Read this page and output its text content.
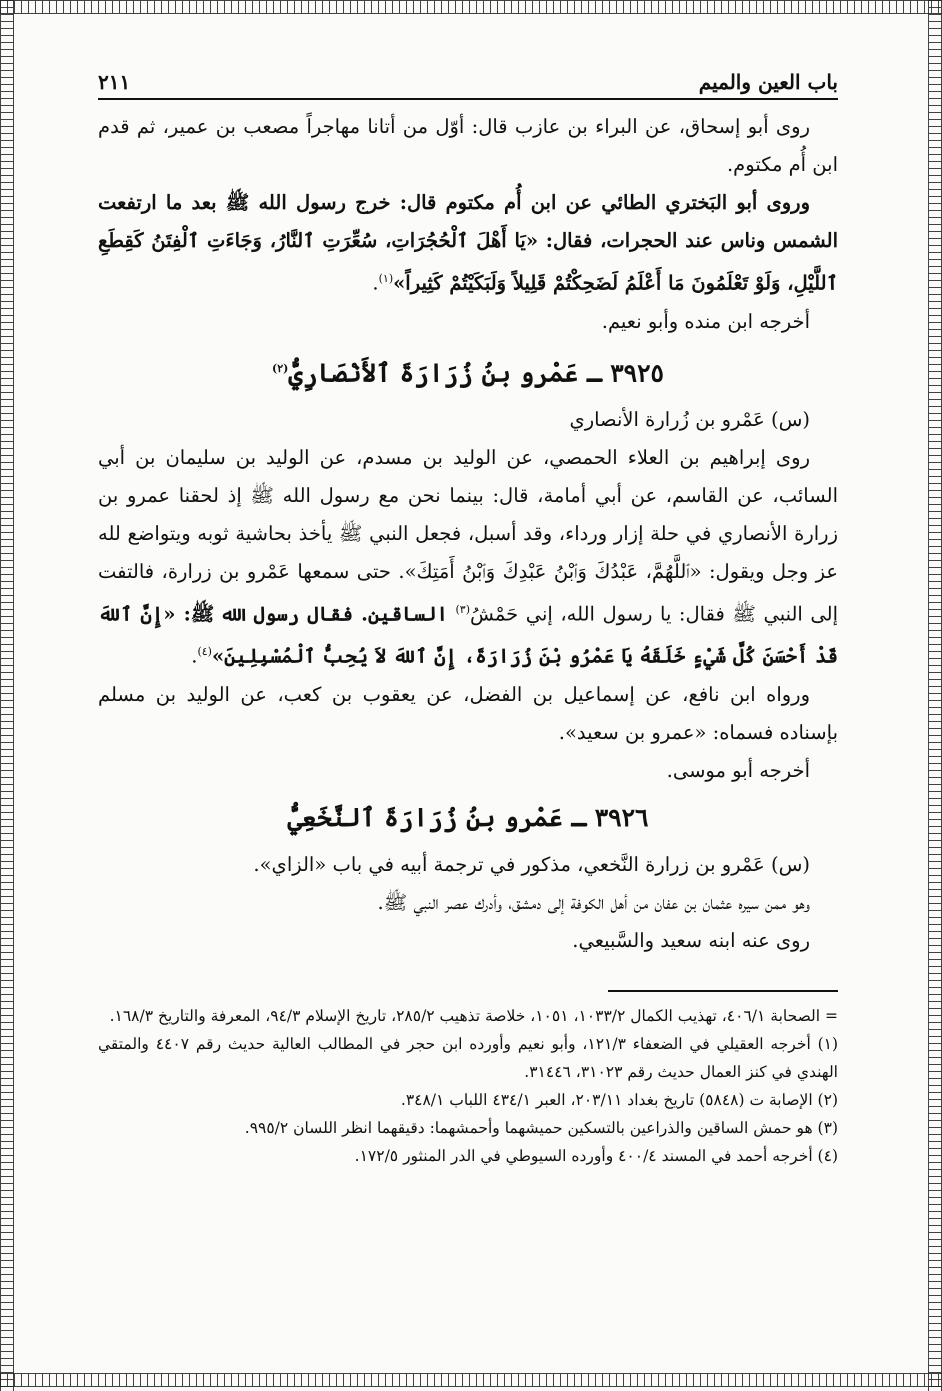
باب العين والميم
٢١١

روى أبو إسحاق، عن البراء بن عازب قال: أوّل من أتانا مهاجراً مصعب بن عمير، ثم قدم ابن أُم مكتوم.

وروى أبو البَختري الطائي عن ابن أُم مكتوم قال: خرج رسول الله ﷺ بعد ما ارتفعت الشمس وناس عند الحجرات، فقال: «يَا أَهْلَ ٱلْحُجُرَاتِ، سُعِّرَتِ ٱلنَّارُ، وَجَاءَتِ ٱلْفِتَنُ كَقِطَعِ ٱللَّيْلِ، وَلَوْ تَعْلَمُونَ مَا أَعْلَمُ لَضَحِكْتُمْ قَلِيلاً وَلَبَكَيْتُمْ كَثِيراً»$^{(١)}$.

أخرجه ابن منده وأبو نعيم.

٣٩٢٥ ـ عَمْرو بنُ زُرَارَةَ ٱلأَنْصَارِيُّ$^{(٢)}$

(س) عَمْرو بن زُرارة الأنصاري

روى إبراهيم بن العلاء الحمصي، عن الوليد بن مسدم، عن الوليد بن سليمان بن أبي السائب، عن القاسم، عن أبي أمامة، قال: بينما نحن مع رسول الله ﷺ إذ لحقنا عمرو بن زرارة الأنصاري في حلة إزار ورداء، وقد أسبل، فجعل النبي ﷺ يأخذ بحاشية ثوبه ويتواضع لله عز وجل ويقول: «ٱللَّهُمَّ، عَبْدُكَ وَٱبْنُ عَبْدِكَ وَٱبْنُ أَمَتِكَ». حتى سمعها عَمْرو بن زرارة، فالتفت إلى النبي ﷺ فقال: يا رسول الله، إني حَمْشُ$^{(٣)}$ الساقين. فقال رسول الله ﷺ: «إِنَّ ٱللهَ قَدْ أَحْسَنَ كُلَّ شَيْءٍ خَلَقَهُ يَا عَمْرُو بْنَ زُرَارَةَ، إِنَّ ٱللهَ لاَ يُحِبُّ ٱلْمُسْبِلِينَ»$^{(٤)}$.

ورواه ابن نافع، عن إسماعيل بن الفضل، عن يعقوب بن كعب، عن الوليد بن مسلم بإسناده فسماه: «عمرو بن سعيد».

أخرجه أبو موسى.

٣٩٢٦ ـ عَمْرو بنُ زُرَارَةَ ٱلنَّخَعِيُّ

(س) عَمْرو بن زرارة النَّخعي، مذكور في ترجمة أبيه في باب «الزاي».

وهو ممن سيره عثمان بن عفان من أهل الكوفة إلى دمشق، وأدرك عصر النبي ﷺ.

روى عنه ابنه سعيد والسَّبيعي.

= الصحابة ٤٠٦/١، تهذيب الكمال ١٠٣٣/٢، ١٠٥١، خلاصة تذهيب ٢٨٥/٢، تاريخ الإسلام ٩٤/٣، المعرفة والتاريخ ١٦٨/٣.

(١) أخرجه العقيلي في الضعفاء ١٢١/٣، وأبو نعيم وأورده ابن حجر في المطالب العالية حديث رقم ٤٤٠٧ والمتقي الهندي في كنز العمال حديث رقم ٣١٠٢٣، ٣١٤٤٦.

(٢) الإصابة ت (٥٨٤٨) تاريخ بغداد ٢٠٣/١١، العبر ٤٣٤/١ اللباب ٣٤٨/١.

(٣) هو حمش الساقين والذراعين بالتسكين حميشهما وأحمشهما: دقيقهما انظر اللسان ٩٩٥/٢.

(٤) أخرجه أحمد في المسند ٤٠٠/٤ وأورده السيوطي في الدر المنثور ١٧٢/٥.
